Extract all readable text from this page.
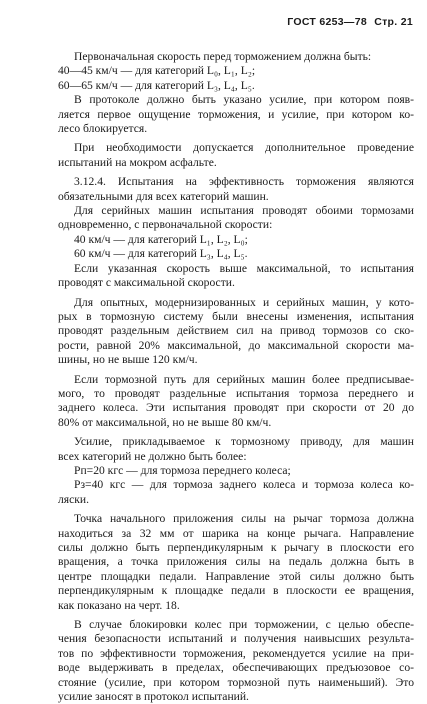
ГОСТ 6253—78 Стр. 21
Первоначальная скорость перед торможением должна быть:
40—45 км/ч — для категорий L₀, L₁, L₂;
60—65 км/ч — для категорий L₃, L₄, L₅.
В протоколе должно быть указано усилие, при котором появ-
ляется первое ощущение торможения, и усилие, при котором ко-
лесо блокируется.
При необходимости допускается дополнительное проведение
испытаний на мокром асфальте.
3.12.4. Испытания на эффективность торможения являются
обязательными для всех категорий машин.
Для серийных машин испытания проводят обоими тормозами
одновременно, с первоначальной скорости:
40 км/ч — для категорий L₁, L₂, L₀;
60 км/ч — для категорий L₃, L₄, L₅.
Если указанная скорость выше максимальной, то испытания
проводят с максимальной скорости.
Для опытных, модернизированных и серийных машин, у кото-
рых в тормозную систему были внесены изменения, испытания
проводят раздельным действием сил на привод тормозов со ско-
рости, равной 20% максимальной, до максимальной скорости ма-
шины, но не выше 120 км/ч.
Если тормозной путь для серийных машин более предписывае-
мого, то проводят раздельные испытания тормоза переднего и
заднего колеса. Эти испытания проводят при скорости от 20 до
80% от максимальной, но не выше 80 км/ч.
Усилие, прикладываемое к тормозному приводу, для машин
всех категорий не должно быть более:
Pп=20 кгс — для тормоза переднего колеса;
Pз=40 кгс — для тормоза заднего колеса и тормоза колеса ко-
ляски.
Точка начального приложения силы на рычаг тормоза должна
находиться за 32 мм от шарика на конце рычага. Направление
силы должно быть перпендикулярным к рычагу в плоскости его
вращения, а точка приложения силы на педаль должна быть в
центре площадки педали. Направление этой силы должно быть
перпендикулярным к площадке педали в плоскости ее вращения,
как показано на черт. 18.
В случае блокировки колес при торможении, с целью обеспе-
чения безопасности испытаний и получения наивысших результа-
тов по эффективности торможения, рекомендуется усилие на при-
воде выдерживать в пределах, обеспечивающих предъюзовое со-
стояние (усилие, при котором тормозной путь наименьший). Это
усилие заносят в протокол испытаний.
